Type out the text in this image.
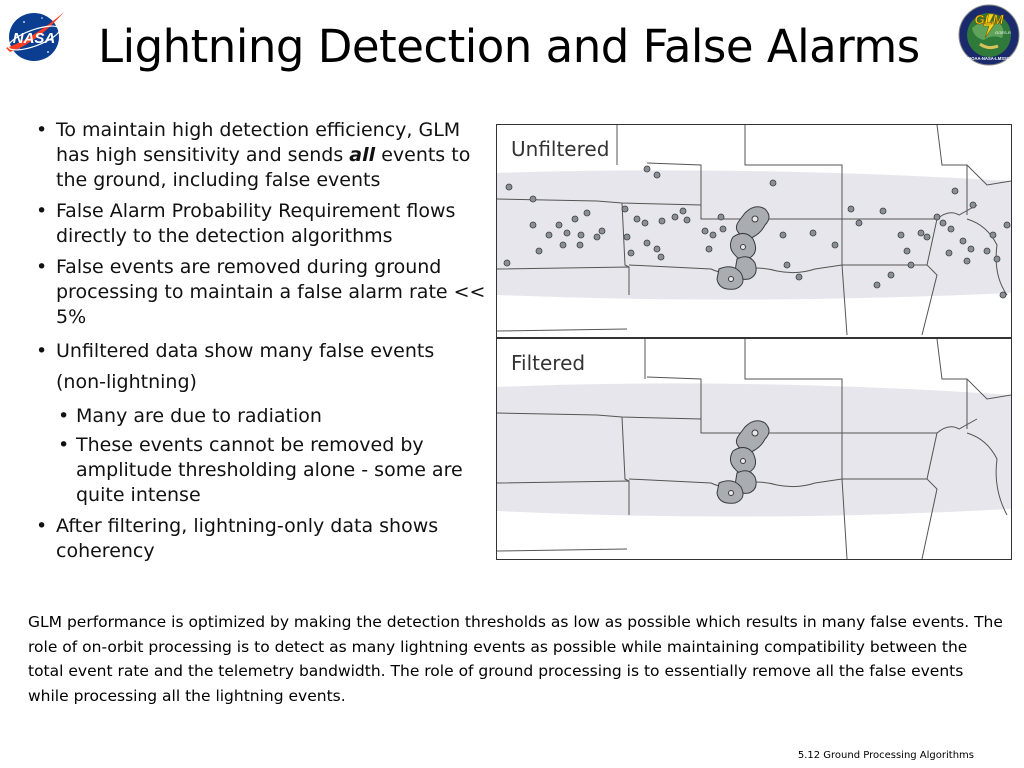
NASA
GLM
GOES-R
NOAA-NASA-LMSSC
Lightning Detection and False Alarms
• To maintain high detection efficiency, GLM has high sensitivity and sends all events to the ground, including false events
• False Alarm Probability Requirement flows directly to the detection algorithms
• False events are removed during ground processing to maintain a false alarm rate << 5%
• Unfiltered data show many false events (non-lightning)
• Many are due to radiation
• These events cannot be removed by amplitude thresholding alone - some are quite intense
• After filtering, lightning-only data shows coherency
Unfiltered
Filtered
GLM performance is optimized by making the detection thresholds as low as possible which results in many false events. The role of on-orbit processing is to detect as many lightning events as possible while maintaining compatibility between the total event rate and the telemetry bandwidth. The role of ground processing is to essentially remove all the false events while processing all the lightning events.
5.12 Ground Processing Algorithms
